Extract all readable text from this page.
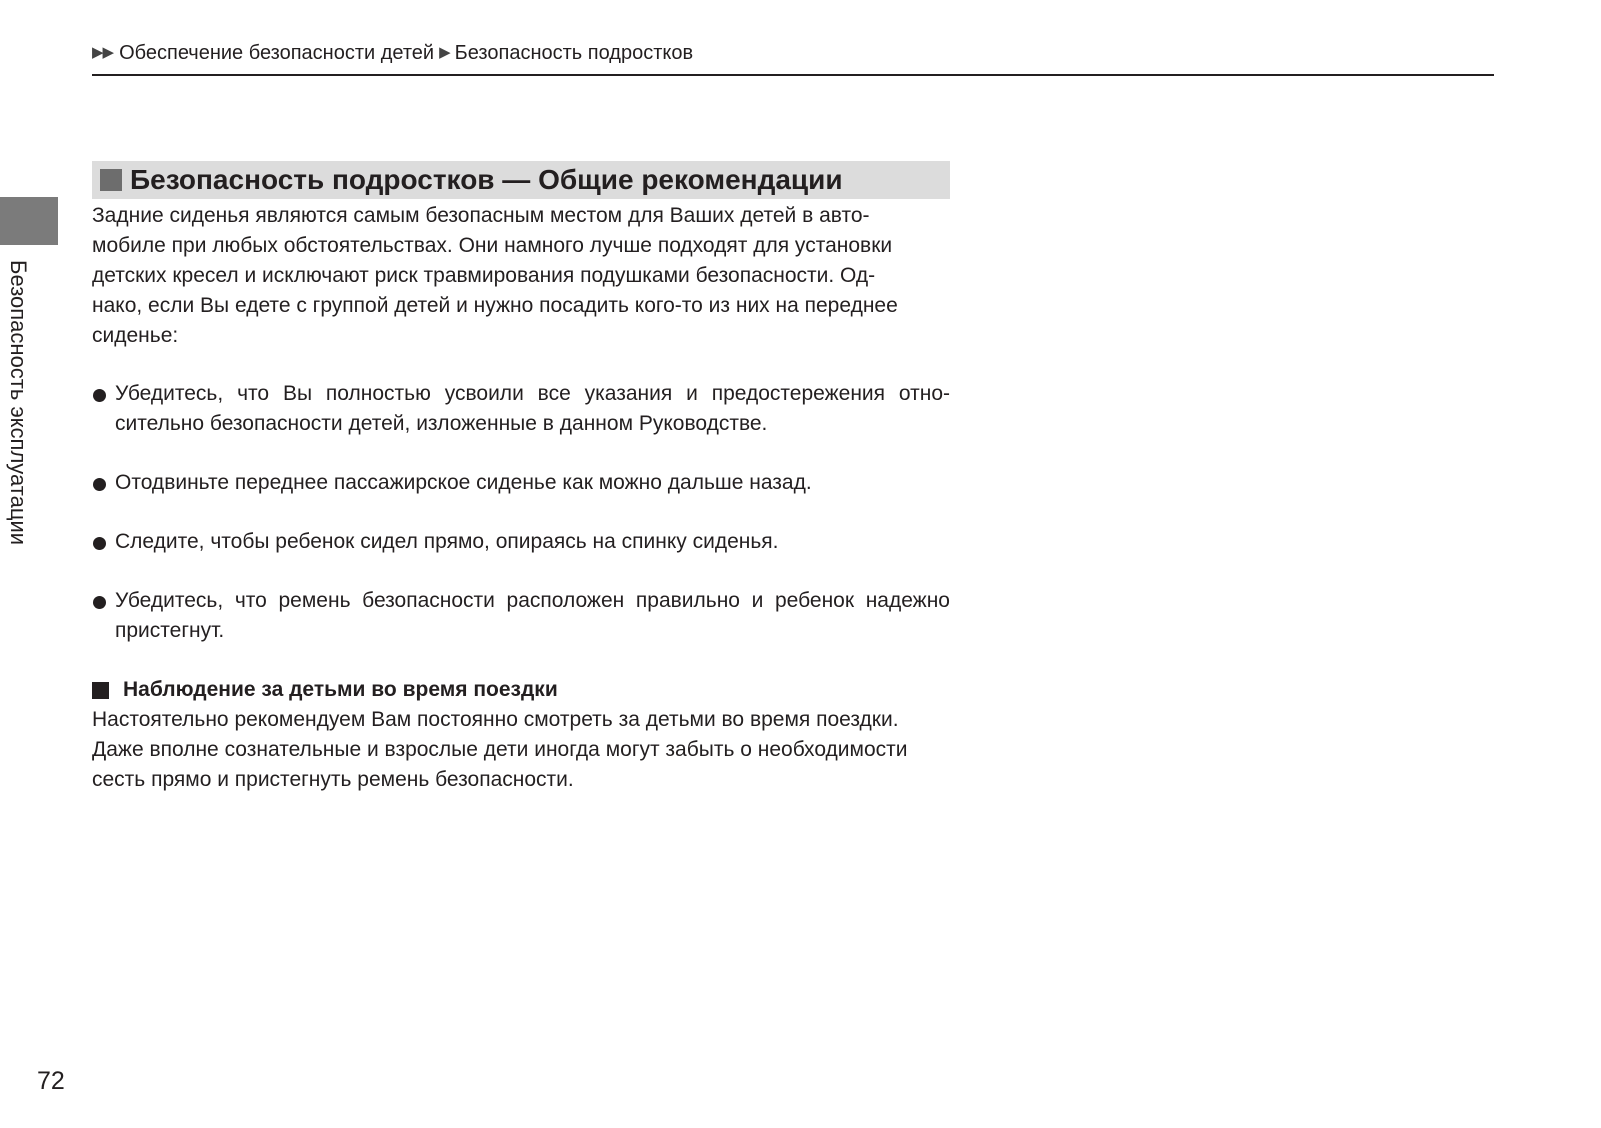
▶▶ Обеспечение безопасности детей ▶ Безопасность подростков
Безопасность эксплуатации
72
Безопасность подростков — Общие рекомендации
Задние сиденья являются самым безопасным местом для Ваших детей в авто-
мобиле при любых обстоятельствах. Они намного лучше подходят для установки
детских кресел и исключают риск травмирования подушками безопасности. Од-
нако, если Вы едете с группой детей и нужно посадить кого-то из них на переднее
сиденье:
Убедитесь, что Вы полностью усвоили все указания и предостережения отно- сительно безопасности детей, изложенные в данном Руководстве.
Отодвиньте переднее пассажирское сиденье как можно дальше назад.
Следите, чтобы ребенок сидел прямо, опираясь на спинку сиденья.
Убедитесь, что ремень безопасности расположен правильно и ребенок надежно пристегнут.
Наблюдение за детьми во время поездки
Настоятельно рекомендуем Вам постоянно смотреть за детьми во время поездки.
Даже вполне сознательные и взрослые дети иногда могут забыть о необходимости
сесть прямо и пристегнуть ремень безопасности.
